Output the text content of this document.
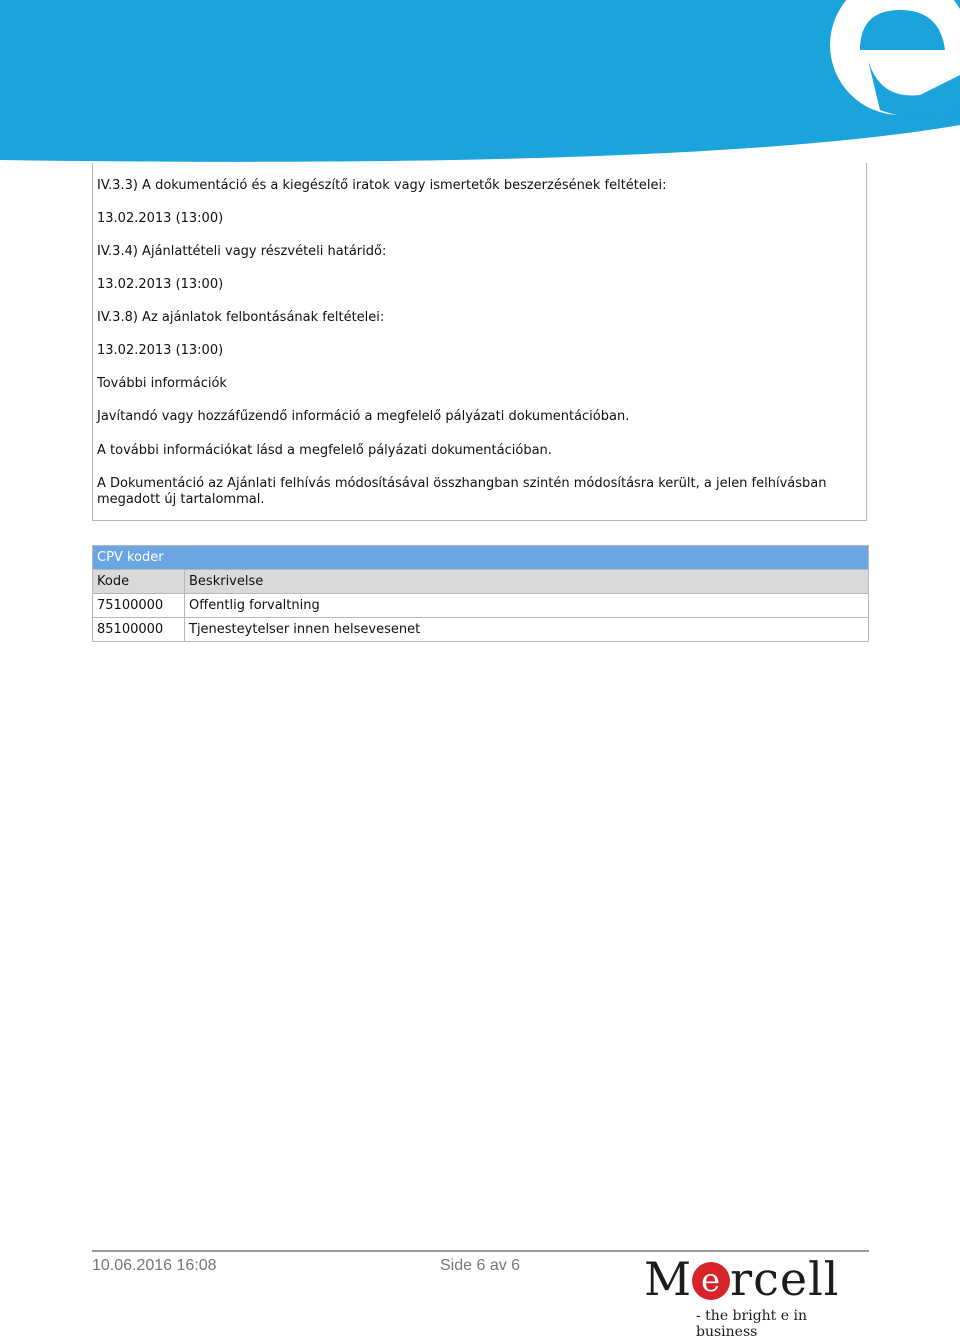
IV.3.3) A dokumentáció és a kiegészítő iratok vagy ismertetők beszerzésének feltételei:
13.02.2013 (13:00)
IV.3.4) Ajánlattételi vagy részvételi határidő:
13.02.2013 (13:00)
IV.3.8) Az ajánlatok felbontásának feltételei:
13.02.2013 (13:00)
További információk
Javítandó vagy hozzáfűzendő információ a megfelelő pályázati dokumentációban.
A további információkat lásd a megfelelő pályázati dokumentációban.
A Dokumentáció az Ajánlati felhívás módosításával összhangban szintén módosításra került, a jelen felhívásban megadott új tartalommal.
CPV koder	
Kode	Beskrivelse
75100000	Offentlig forvaltning
85100000	Tjenesteytelser innen helsevesenet
10.06.2016 16:08	Side 6 av 6	M e rcell
- the bright e in business
